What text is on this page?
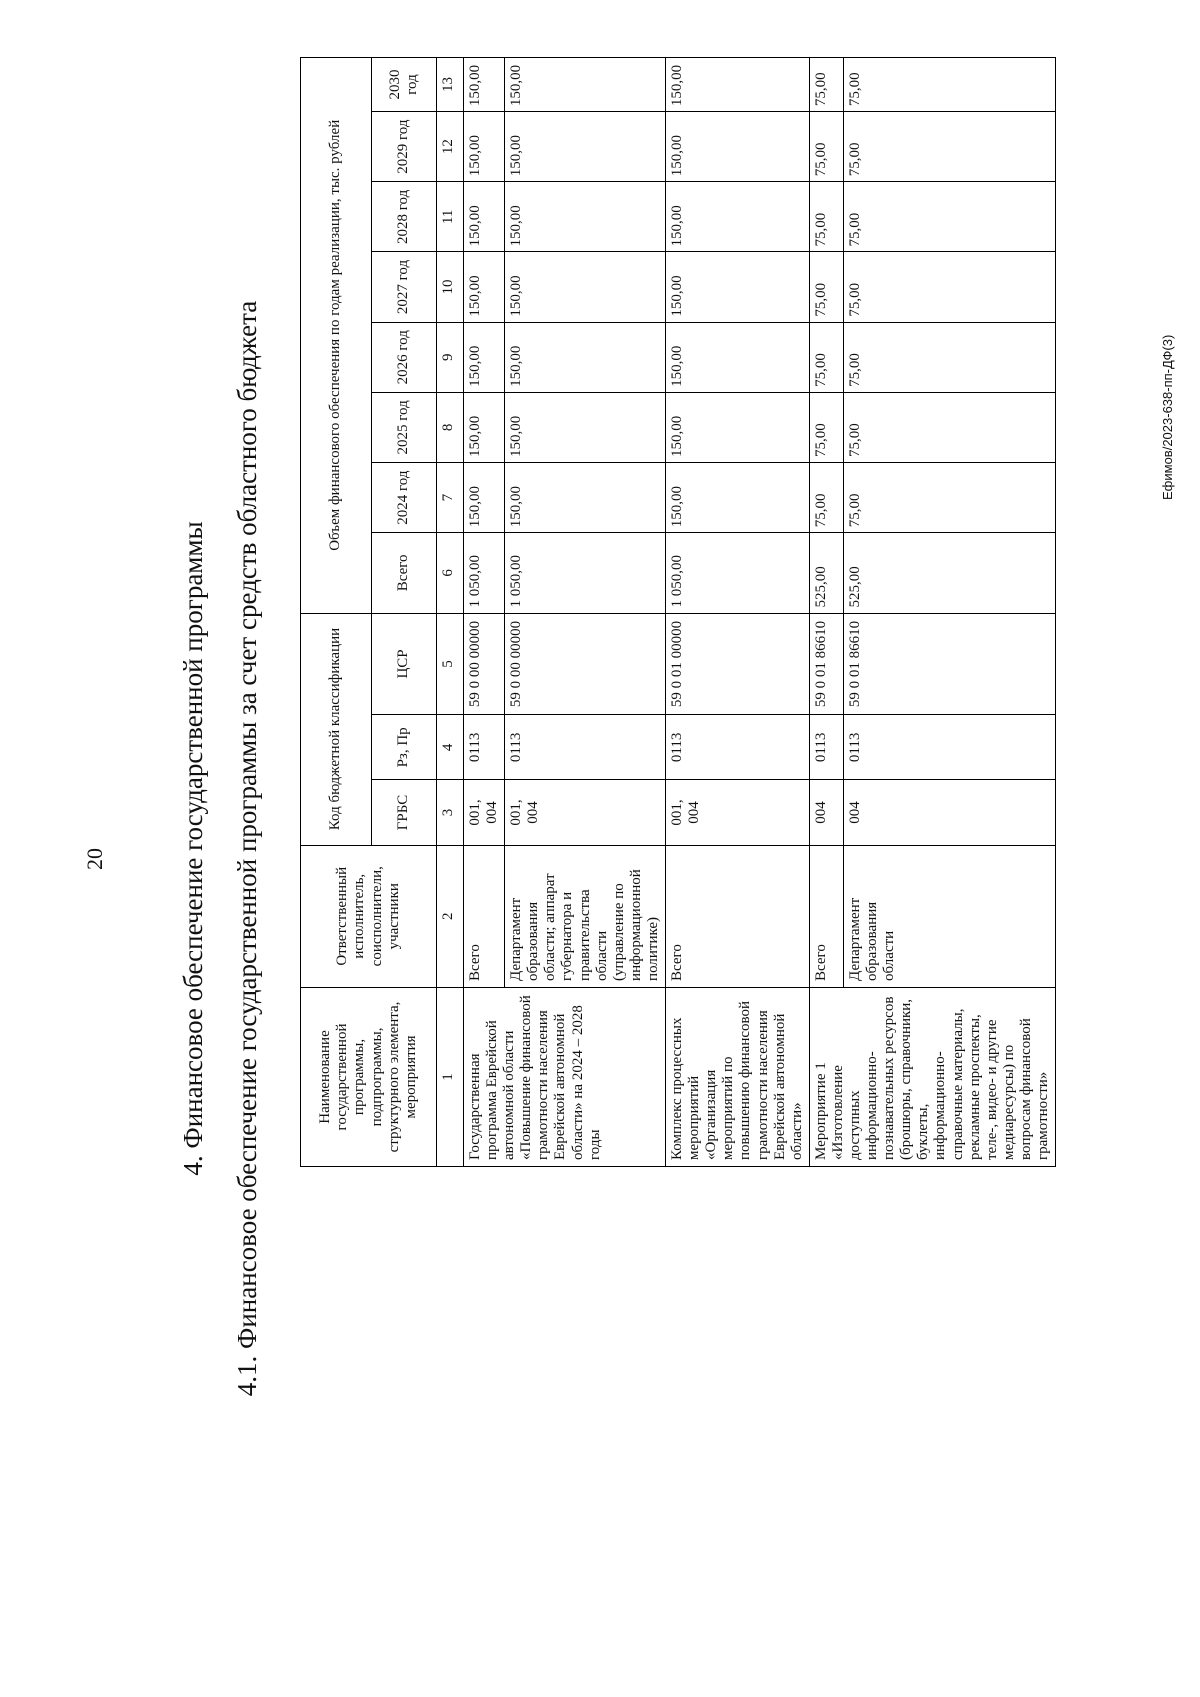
20
Ефимов/2023-638-пп-ДФ(3)
4. Финансовое обеспечение государственной программы 4.1. Финансовое обеспечение государственной программы за счет средств областного бюджета	Наименование государственной программы, подпрограммы, структурного элемента, мероприятия	Ответственный исполнитель, соисполнители, участники	Код бюджетной классификации			Объем финансового обеспечения по годам реализации, тыс. рублей							
		ГРБС	Рз, Пр	ЦСР	Всего	2024 год	2025 год	2026 год	2027 год	2028 год	2029 год	2030 год
1	2	3	4	5	6	7	8	9	10	11	12	13
Государственная программа Еврейской автономной области «Повышение финансовой грамотности населения Еврейской автономной области» на 2024 – 2028 годы	Всего	001, 004	0113	59 0 00 00000	1 050,00	150,00	150,00	150,00	150,00	150,00	150,00	150,00
	Департамент образования области; аппарат губернатора и правительства области (управление по информационной политике)	001, 004	0113	59 0 00 00000	1 050,00	150,00	150,00	150,00	150,00	150,00	150,00	150,00
Комплекс процессных мероприятий «Организация мероприятий по повышению финансовой грамотности населения Еврейской автономной области»	Всего	001, 004	0113	59 0 01 00000	1 050,00	150,00	150,00	150,00	150,00	150,00	150,00	150,00
Мероприятие 1 «Изготовление доступных информационно-познавательных ресурсов (брошюры, справочники, буклеты, информационно-справочные материалы, рекламные проспекты, теле-, видео- и другие медиаресурсы) по вопросам финансовой грамотности»	Всего	004	0113	59 0 01 86610	525,00	75,00	75,00	75,00	75,00	75,00	75,00	75,00
	Департамент образования области	004	0113	59 0 01 86610	525,00	75,00	75,00	75,00	75,00	75,00	75,00	75,00
